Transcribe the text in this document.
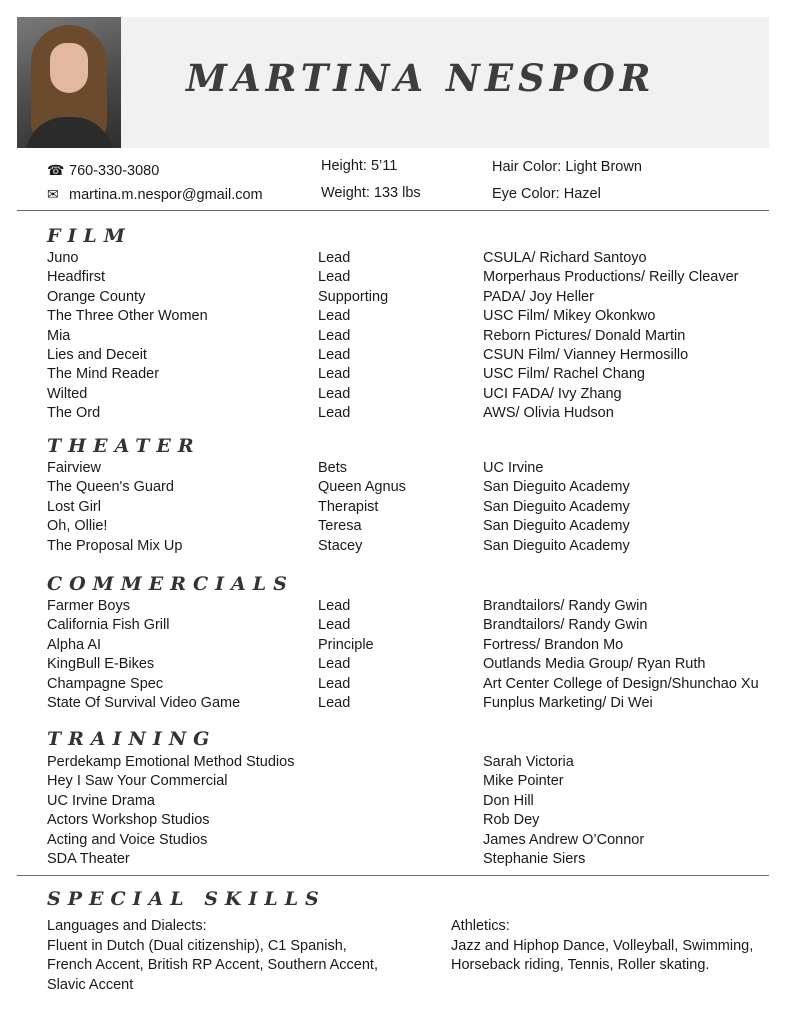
MARTINA NESPOR
☎ 760-330-3080
✉ martina.m.nespor@gmail.com
Height: 5’11
Weight: 133 lbs
Hair Color: Light Brown
Eye Color: Hazel
FILM
Juno	Lead	CSULA/ Richard Santoyo
Headfirst	Lead	Morperhaus Productions/ Reilly Cleaver
Orange County	Supporting	PADA/ Joy Heller
The Three Other Women	Lead	USC Film/ Mikey Okonkwo
Mia	Lead	Reborn Pictures/ Donald Martin
Lies and Deceit	Lead	CSUN Film/ Vianney Hermosillo
The Mind Reader	Lead	USC Film/ Rachel Chang
Wilted	Lead	UCI FADA/ Ivy Zhang
The Ord	Lead	AWS/ Olivia Hudson
THEATER
Fairview	Bets	UC Irvine
The Queen's Guard	Queen Agnus	San Dieguito Academy
Lost Girl	Therapist	San Dieguito Academy
Oh, Ollie!	Teresa	San Dieguito Academy
The Proposal Mix Up	Stacey	San Dieguito Academy
COMMERCIALS
Farmer Boys	Lead	Brandtailors/ Randy Gwin
California Fish Grill	Lead	Brandtailors/ Randy Gwin
Alpha AI	Principle	Fortress/ Brandon Mo
KingBull E-Bikes	Lead	Outlands Media Group/ Ryan Ruth
Champagne Spec	Lead	Art Center College of Design/Shunchao Xu
State Of Survival Video Game	Lead	Funplus Marketing/ Di Wei
TRAINING
Perdekamp Emotional Method Studios	Sarah Victoria
Hey I Saw Your Commercial	Mike Pointer
UC Irvine Drama	Don Hill
Actors Workshop Studios	Rob Dey
Acting and Voice Studios	James Andrew O’Connor
SDA Theater	Stephanie Siers
SPECIAL SKILLS
Languages and Dialects:
Fluent in Dutch (Dual citizenship), C1 Spanish,
French Accent, British RP Accent, Southern Accent,
Slavic Accent
Athletics:
Jazz and Hiphop Dance, Volleyball, Swimming,
Horseback riding, Tennis, Roller skating.
